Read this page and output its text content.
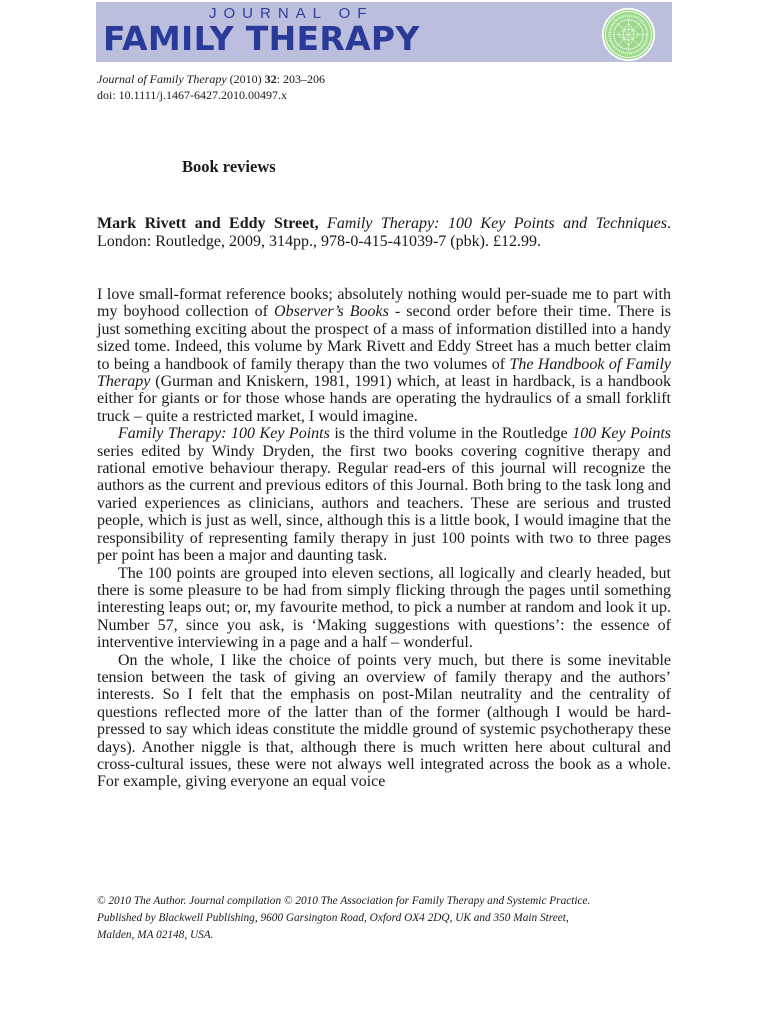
JOURNAL OF
FAMILY THERAPY
Journal of Family Therapy (2010) 32: 203–206
doi: 10.1111/j.1467-6427.2010.00497.x
Book reviews
Mark Rivett and Eddy Street, Family Therapy: 100 Key Points and Techniques. London: Routledge, 2009, 314pp., 978-0-415-41039-7 (pbk). £12.99.

I love small-format reference books; absolutely nothing would per-suade me to part with my boyhood collection of Observer’s Books - second order before their time. There is just something exciting about the prospect of a mass of information distilled into a handy sized tome. Indeed, this volume by Mark Rivett and Eddy Street has a much better claim to being a handbook of family therapy than the two volumes of The Handbook of Family Therapy (Gurman and Kniskern, 1981, 1991) which, at least in hardback, is a handbook either for giants or for those whose hands are operating the hydraulics of a small forklift truck – quite a restricted market, I would imagine.

Family Therapy: 100 Key Points is the third volume in the Routledge 100 Key Points series edited by Windy Dryden, the first two books covering cognitive therapy and rational emotive behaviour therapy. Regular read-ers of this journal will recognize the authors as the current and previous editors of this Journal. Both bring to the task long and varied experiences as clinicians, authors and teachers. These are serious and trusted people, which is just as well, since, although this is a little book, I would imagine that the responsibility of representing family therapy in just 100 points with two to three pages per point has been a major and daunting task.

The 100 points are grouped into eleven sections, all logically and clearly headed, but there is some pleasure to be had from simply flicking through the pages until something interesting leaps out; or, my favourite method, to pick a number at random and look it up. Number 57, since you ask, is ‘Making suggestions with questions’: the essence of interventive interviewing in a page and a half – wonderful.

On the whole, I like the choice of points very much, but there is some inevitable tension between the task of giving an overview of family therapy and the authors’ interests. So I felt that the emphasis on post-Milan neutrality and the centrality of questions reflected more of the latter than of the former (although I would be hard-pressed to say which ideas constitute the middle ground of systemic psychotherapy these days). Another niggle is that, although there is much written here about cultural and cross-cultural issues, these were not always well integrated across the book as a whole. For example, giving everyone an equal voice

© 2010 The Author. Journal compilation © 2010 The Association for Family Therapy and Systemic Practice.
Published by Blackwell Publishing, 9600 Garsington Road, Oxford OX4 2DQ, UK and 350 Main Street,
Malden, MA 02148, USA.
